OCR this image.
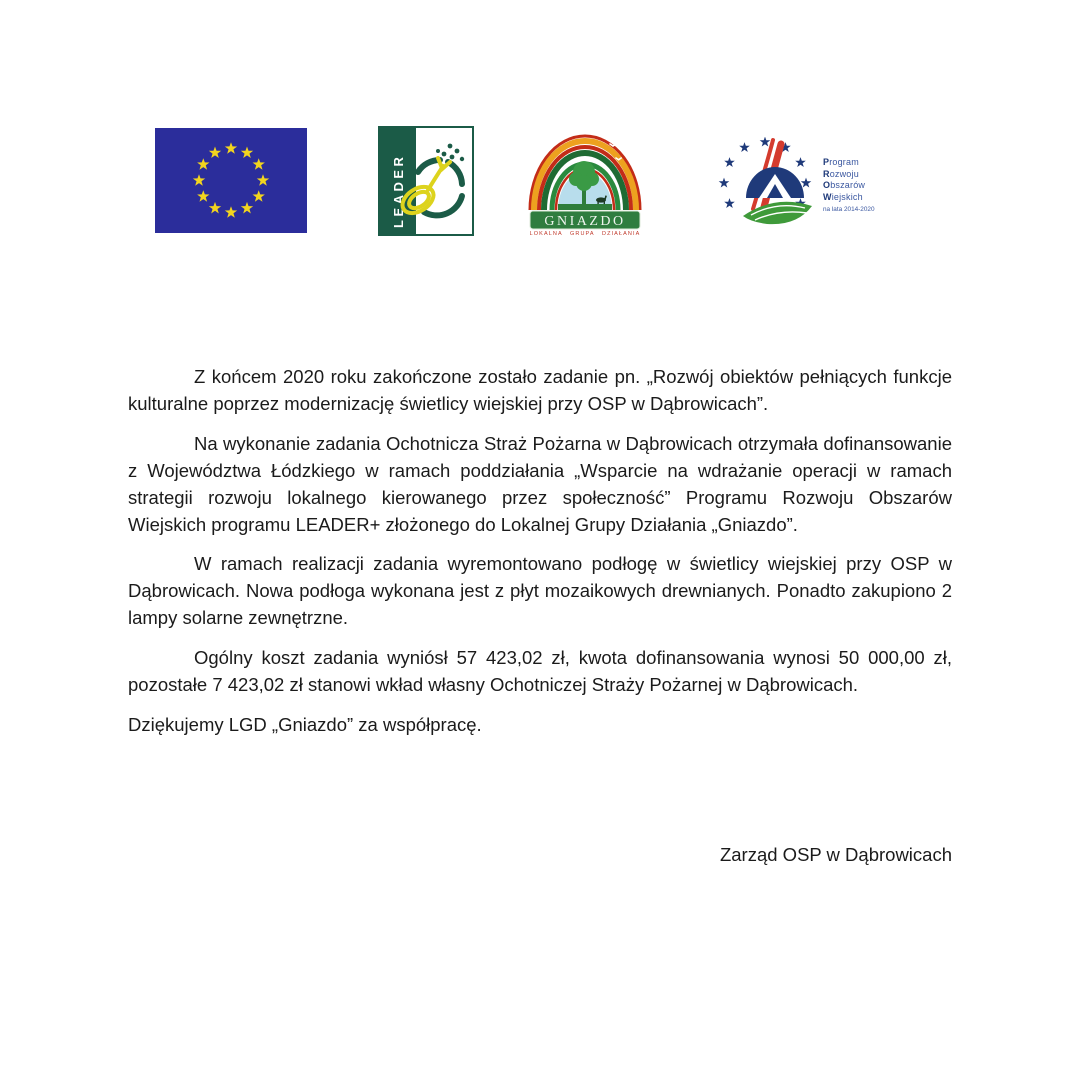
LEADER	GNIAZDO
LOKALNA GRUPA DZIAŁANIA
Program
Rozwoju
Obszarów
Wiejskich
na lata 2014-2020

Z końcem 2020 roku zakończone zostało zadanie pn. „Rozwój obiektów pełniących funkcje kulturalne poprzez modernizację świetlicy wiejskiej przy OSP w Dąbrowicach”.

Na wykonanie zadania Ochotnicza Straż Pożarna w Dąbrowicach otrzymała dofinansowanie z Województwa Łódzkiego w ramach poddziałania „Wsparcie na wdrażanie operacji w ramach strategii rozwoju lokalnego kierowanego przez społeczność” Programu Rozwoju Obszarów Wiejskich programu LEADER+ złożonego do Lokalnej Grupy Działania „Gniazdo”.

W ramach realizacji zadania wyremontowano podłogę w świetlicy wiejskiej przy OSP w Dąbrowicach. Nowa podłoga wykonana jest z płyt mozaikowych drewnianych. Ponadto zakupiono 2 lampy solarne zewnętrzne.

Ogólny koszt zadania wyniósł 57 423,02 zł, kwota dofinansowania wynosi 50 000,00 zł, pozostałe 7 423,02 zł stanowi wkład własny Ochotniczej Straży Pożarnej w Dąbrowicach.

Dziękujemy LGD „Gniazdo” za współpracę.

Zarząd OSP w Dąbrowicach
